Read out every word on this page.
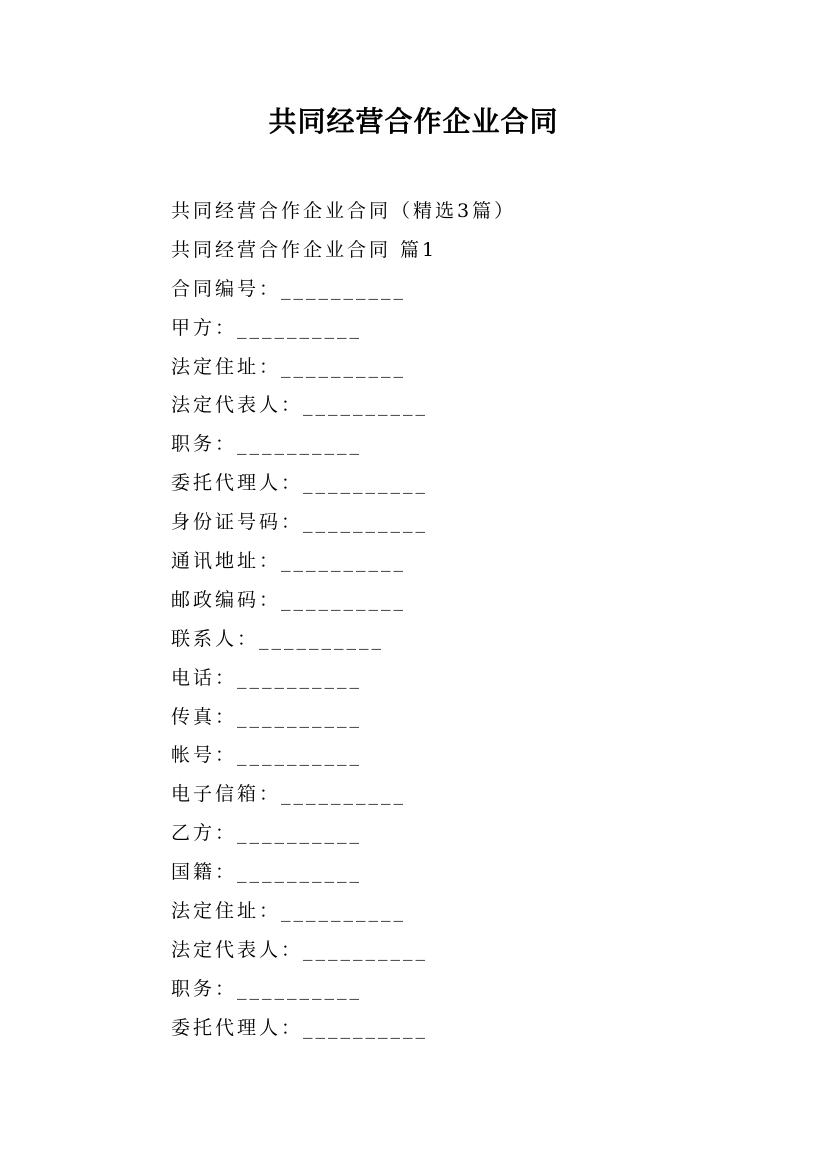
共同经营合作企业合同
共同经营合作企业合同（精选3篇）
共同经营合作企业合同 篇1
合同编号：__________
甲方：__________
法定住址：__________
法定代表人：__________
职务：__________
委托代理人：__________
身份证号码：__________
通讯地址：__________
邮政编码：__________
联系人：__________
电话：__________
传真：__________
帐号：__________
电子信箱：__________
乙方：__________
国籍：__________
法定住址：__________
法定代表人：__________
职务：__________
委托代理人：__________
